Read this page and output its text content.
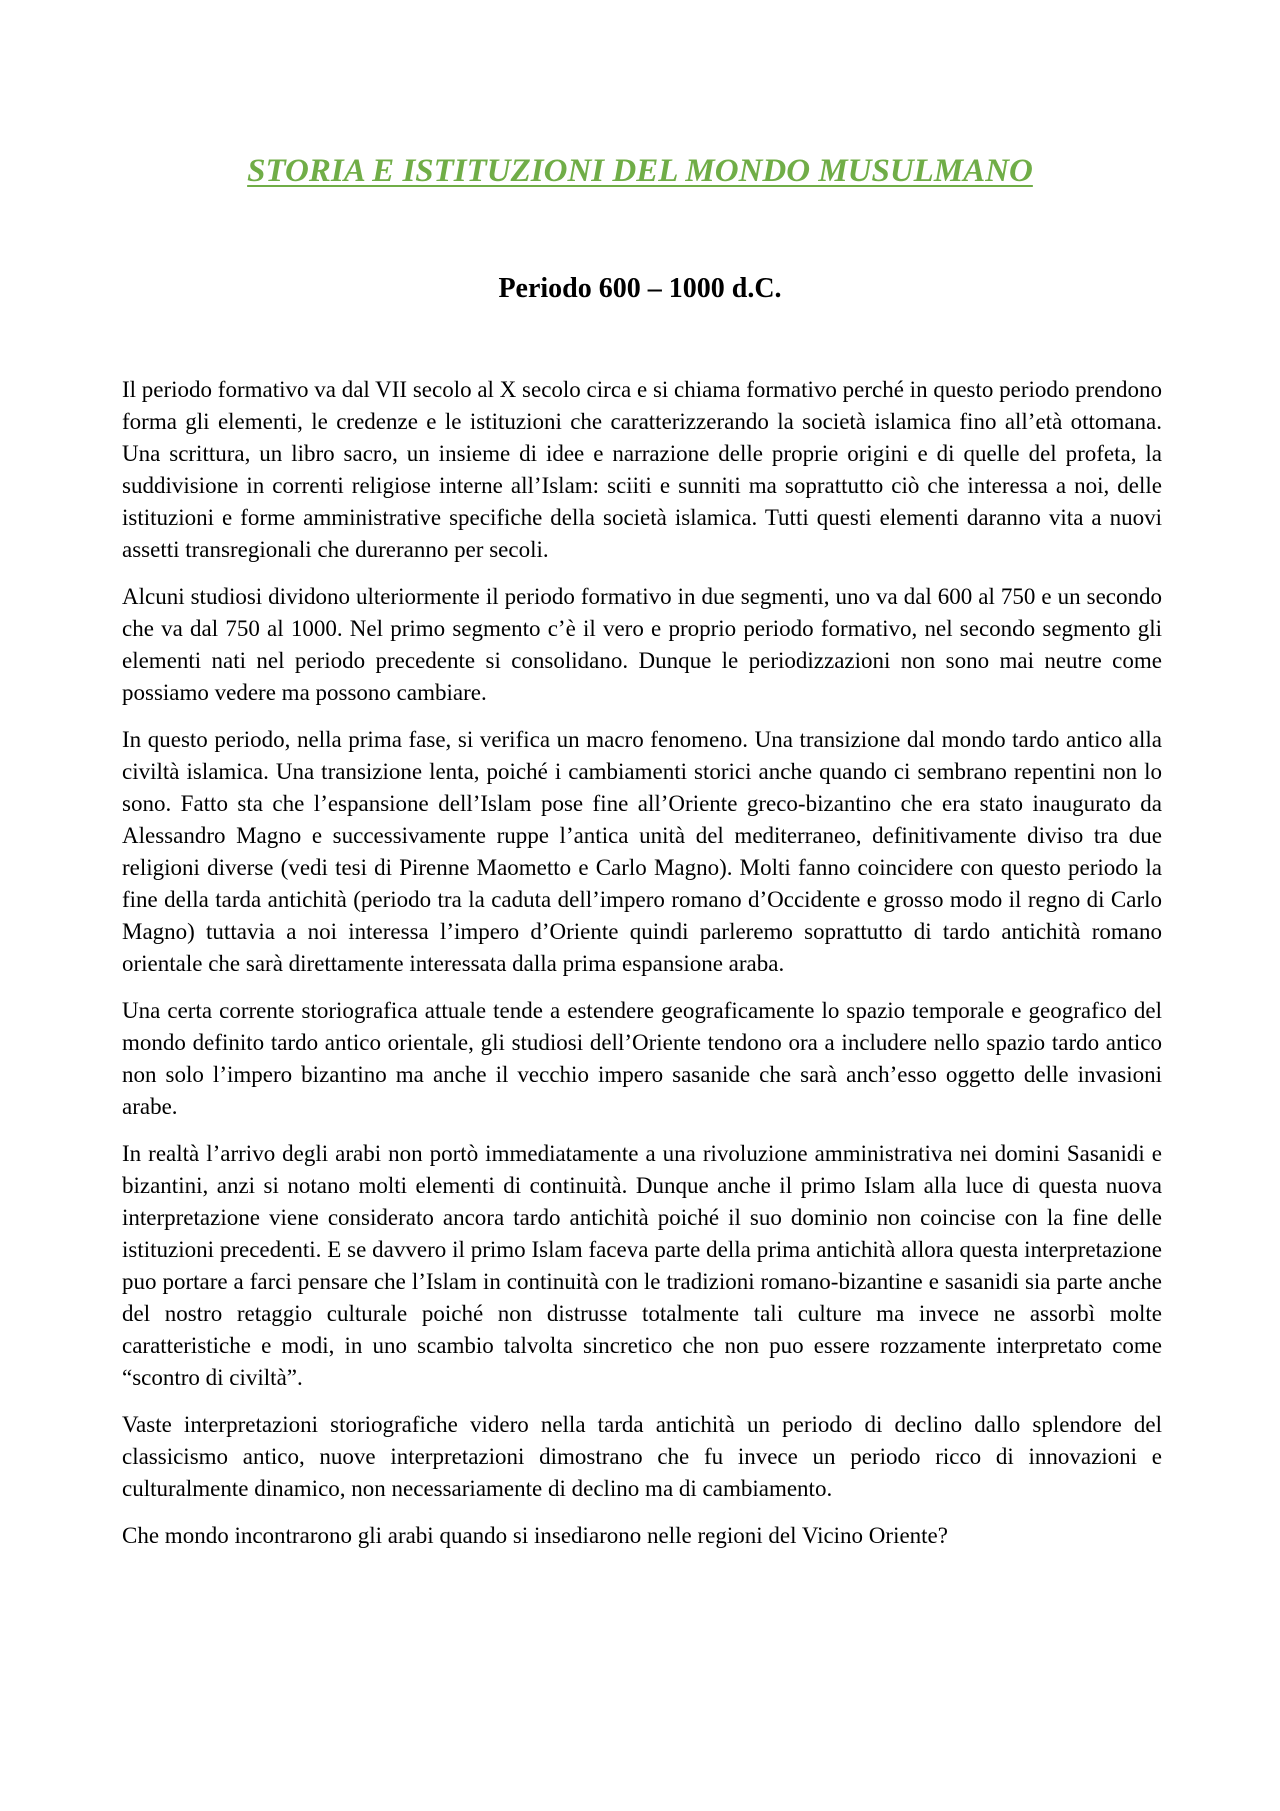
STORIA E ISTITUZIONI DEL MONDO MUSULMANO
Periodo 600 – 1000 d.C.

Il periodo formativo va dal VII secolo al X secolo circa e si chiama formativo perché in questo periodo prendono forma gli elementi, le credenze e le istituzioni che caratterizzerando la società islamica fino all’età ottomana. Una scrittura, un libro sacro, un insieme di idee e narrazione delle proprie origini e di quelle del profeta, la suddivisione in correnti religiose interne all’Islam: sciiti e sunniti ma soprattutto ciò che interessa a noi, delle istituzioni e forme amministrative specifiche della società islamica. Tutti questi elementi daranno vita a nuovi assetti transregionali che dureranno per secoli.

Alcuni studiosi dividono ulteriormente il periodo formativo in due segmenti, uno va dal 600 al 750 e un secondo che va dal 750 al 1000. Nel primo segmento c’è il vero e proprio periodo formativo, nel secondo segmento gli elementi nati nel periodo precedente si consolidano. Dunque le periodizzazioni non sono mai neutre come possiamo vedere ma possono cambiare.

In questo periodo, nella prima fase, si verifica un macro fenomeno. Una transizione dal mondo tardo antico alla civiltà islamica. Una transizione lenta, poiché i cambiamenti storici anche quando ci sembrano repentini non lo sono. Fatto sta che l’espansione dell’Islam pose fine all’Oriente greco-bizantino che era stato inaugurato da Alessandro Magno e successivamente ruppe l’antica unità del mediterraneo, definitivamente diviso tra due religioni diverse (vedi tesi di Pirenne Maometto e Carlo Magno). Molti fanno coincidere con questo periodo la fine della tarda antichità (periodo tra la caduta dell’impero romano d’Occidente e grosso modo il regno di Carlo Magno) tuttavia a noi interessa l’impero d’Oriente quindi parleremo soprattutto di tardo antichità romano orientale che sarà direttamente interessata dalla prima espansione araba.

Una certa corrente storiografica attuale tende a estendere geograficamente lo spazio temporale e geografico del mondo definito tardo antico orientale, gli studiosi dell’Oriente tendono ora a includere nello spazio tardo antico non solo l’impero bizantino ma anche il vecchio impero sasanide che sarà anch’esso oggetto delle invasioni arabe.

In realtà l’arrivo degli arabi non portò immediatamente a una rivoluzione amministrativa nei domini Sasanidi e bizantini, anzi si notano molti elementi di continuità. Dunque anche il primo Islam alla luce di questa nuova interpretazione viene considerato ancora tardo antichità poiché il suo dominio non coincise con la fine delle istituzioni precedenti. E se davvero il primo Islam faceva parte della prima antichità allora questa interpretazione puo portare a farci pensare che l’Islam in continuità con le tradizioni romano-bizantine e sasanidi sia parte anche del nostro retaggio culturale poiché non distrusse totalmente tali culture ma invece ne assorbì molte caratteristiche e modi, in uno scambio talvolta sincretico che non puo essere rozzamente interpretato come “scontro di civiltà”.

Vaste interpretazioni storiografiche videro nella tarda antichità un periodo di declino dallo splendore del classicismo antico, nuove interpretazioni dimostrano che fu invece un periodo ricco di innovazioni e culturalmente dinamico, non necessariamente di declino ma di cambiamento.

Che mondo incontrarono gli arabi quando si insediarono nelle regioni del Vicino Oriente?
